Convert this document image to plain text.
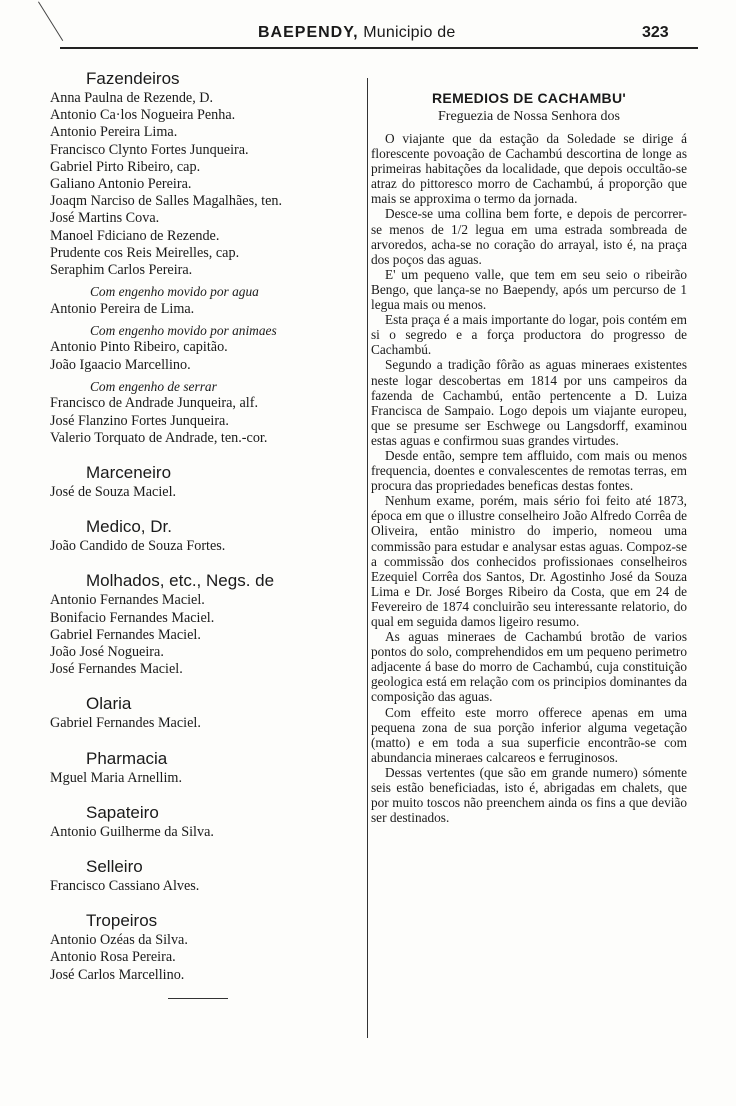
BAEPENDY, Municipio de	323
Fazendeiros
Anna Paulna de Rezende, D.
Antonio Ca·los Nogueira Penha.
Antonio Pereira Lima.
Francisco Clynto Fortes Junqueira.
Gabriel Pirto Ribeiro, cap.
Galiano Antonio Pereira.
Joaqm Narciso de Salles Magalhães, ten.
José Martins Cova.
Manoel Fdiciano de Rezende.
Prudente cos Reis Meirelles, cap.
Seraphim Carlos Pereira.
Com engenho movido por agua
Antonio Pereira de Lima.
Com engenho movido por animaes
Antonio Pinto Ribeiro, capitão.
João Igaacio Marcellino.
Com engenho de serrar
Francisco de Andrade Junqueira, alf.
José Flanzino Fortes Junqueira.
Valerio Torquato de Andrade, ten.-cor.
Marceneiro
José de Souza Maciel.
Medico, Dr.
João Candido de Souza Fortes.
Molhados, etc., Negs. de
Antonio Fernandes Maciel.
Bonifacio Fernandes Maciel.
Gabriel Fernandes Maciel.
João José Nogueira.
José Fernandes Maciel.
Olaria
Gabriel Fernandes Maciel.
Pharmacia
Mguel Maria Arnellim.
Sapateiro
Antonio Guilherme da Silva.
Selleiro
Francisco Cassiano Alves.
Tropeiros
Antonio Ozéas da Silva.
Antonio Rosa Pereira.
José Carlos Marcellino.
REMEDIOS DE CACHAMBU'
Freguezia de Nossa Senhora dos

O viajante que da estação da Soledade se dirige á florescente povoação de Cachambú descortina de longe as primeiras habitações da localidade, que depois occultão-se atraz do pittoresco morro de Cachambú, á proporção que mais se approxima o termo da jornada.

Desce-se uma collina bem forte, e depois de percorrer-se menos de 1/2 legua em uma estrada sombreada de arvoredos, acha-se no coração do arrayal, isto é, na praça dos poços das aguas.

E' um pequeno valle, que tem em seu seio o ribeirão Bengo, que lança-se no Baependy, após um percurso de 1 legua mais ou menos.

Esta praça é a mais importante do logar, pois contém em si o segredo e a força productora do progresso de Cachambú.

Segundo a tradição fôrão as aguas mineraes existentes neste logar descobertas em 1814 por uns campeiros da fazenda de Cachambú, então pertencente a D. Luiza Francisca de Sampaio. Logo depois um viajante europeu, que se presume ser Eschwege ou Langsdorff, examinou estas aguas e confirmou suas grandes virtudes.

Desde então, sempre tem affluido, com mais ou menos frequencia, doentes e convalescentes de remotas terras, em procura das propriedades beneficas destas fontes.

Nenhum exame, porém, mais sério foi feito até 1873, época em que o illustre conselheiro João Alfredo Corrêa de Oliveira, então ministro do imperio, nomeou uma commissão para estudar e analysar estas aguas. Compoz-se a commissão dos conhecidos profissionaes conselheiros Ezequiel Corrêa dos Santos, Dr. Agostinho José da Souza Lima e Dr. José Borges Ribeiro da Costa, que em 24 de Fevereiro de 1874 concluirão seu interessante relatorio, do qual em seguida damos ligeiro resumo.

As aguas mineraes de Cachambú brotão de varios pontos do solo, comprehendidos em um pequeno perimetro adjacente á base do morro de Cachambú, cuja constituição geologica está em relação com os principios dominantes da composição das aguas.

Com effeito este morro offerece apenas em uma pequena zona de sua porção inferior alguma vegetação (matto) e em toda a sua superficie encontrão-se com abundancia mineraes calcareos e ferruginosos.

Dessas vertentes (que são em grande numero) sómente seis estão beneficiadas, isto é, abrigadas em chalets, que por muito toscos não preenchem ainda os fins a que devião ser destinados.
